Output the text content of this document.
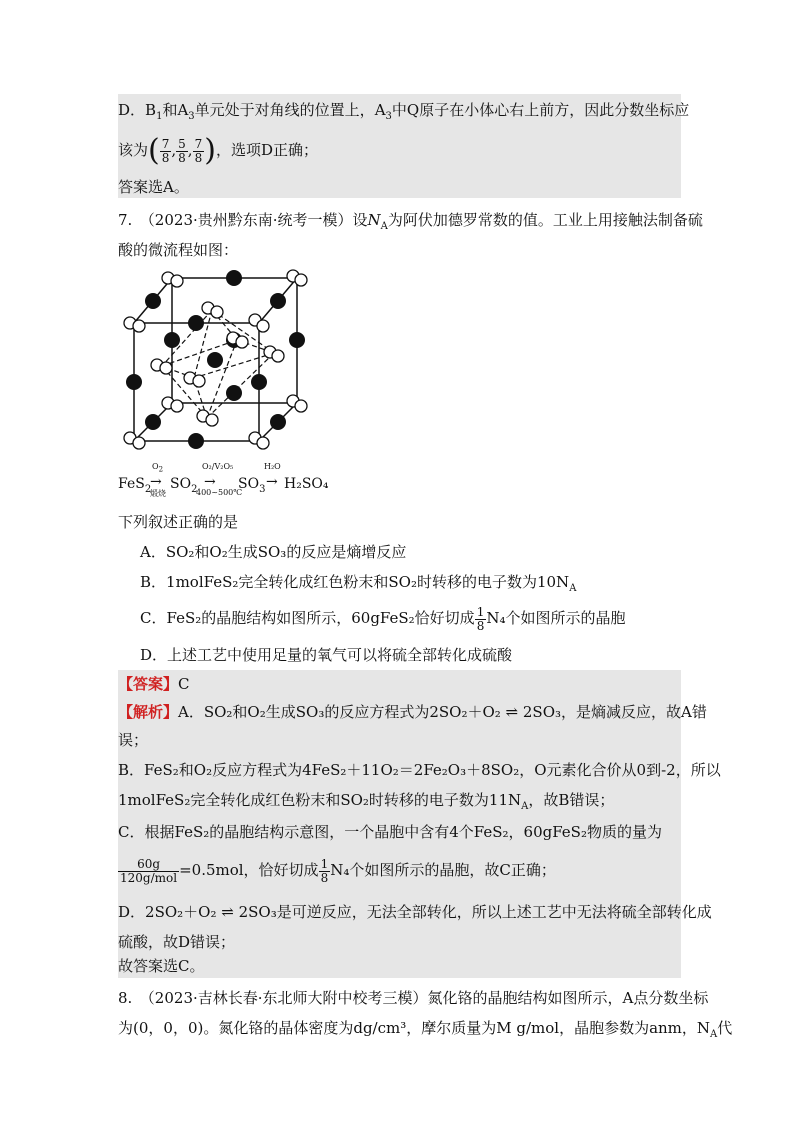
D．$B_1$和$A_3$单元处于对角线的位置上，$A_3$中Q原子在小体心右上前方，因此分数坐标应
该为( $\frac{7}{8}$ , $\frac{5}{8}$ , $\frac{7}{8}$ )，选项D正确；
答案选A。
7.　（2023·贵州黔东南·统考一模）设$N_A$为阿伏加德罗常数的值。工业上用接触法制备硫
酸的微流程如图：
FeS$_2$
$O_2$
→
煅烧
$SO_2$
O₂/V₂O₅
→
400~500℃
$SO_3$
H₂O
→ H₂SO₄
下列叙述正确的是
A．SO₂和O₂生成SO₃的反应是熵增反应
B．1molFeS₂完全转化成红色粉末和SO₂时转移的电子数为$10N_A$
C．FeS₂的晶胞结构如图所示，60gFeS₂恰好切成 $\frac{1}{8} N_4$个如图所示的晶胞
D．上述工艺中使用足量的氧气可以将硫全部转化成硫酸
【答案】C
【解析】A．SO₂和O₂生成SO₃的反应方程式为2SO₂＋O₂ ⇌ 2SO₃，是熵减反应，故A错
误；
B．FeS₂和O₂反应方程式为4FeS₂＋11O₂＝2Fe₂O₃＋8SO₂，O元素化合价从0到-2，所以
1molFeS₂完全转化成红色粉末和SO₂时转移的电子数为$11N_A$，故B错误；
C．根据FeS₂的晶胞结构示意图，一个晶胞中含有4个FeS₂，60gFeS₂物质的量为
$\frac{60g}{\text{120g/mol}} =0.5mol$，恰好切成 $\frac{1}{8} N_4$个如图所示的晶胞，故C正确；
D．2SO₂＋O₂ ⇌ 2SO₃是可逆反应，无法全部转化，所以上述工艺中无法将硫全部转化成
硫酸，故D错误；
故答案选C。
8.　（2023·吉林长春·东北师大附中校考三模）氮化铬的晶胞结构如图所示，A点分数坐标
为(0，0，0)。氮化铬的晶体密度为dg/cm³，摩尔质量为M g/mol，晶胞参数为anm，$N_A$代
